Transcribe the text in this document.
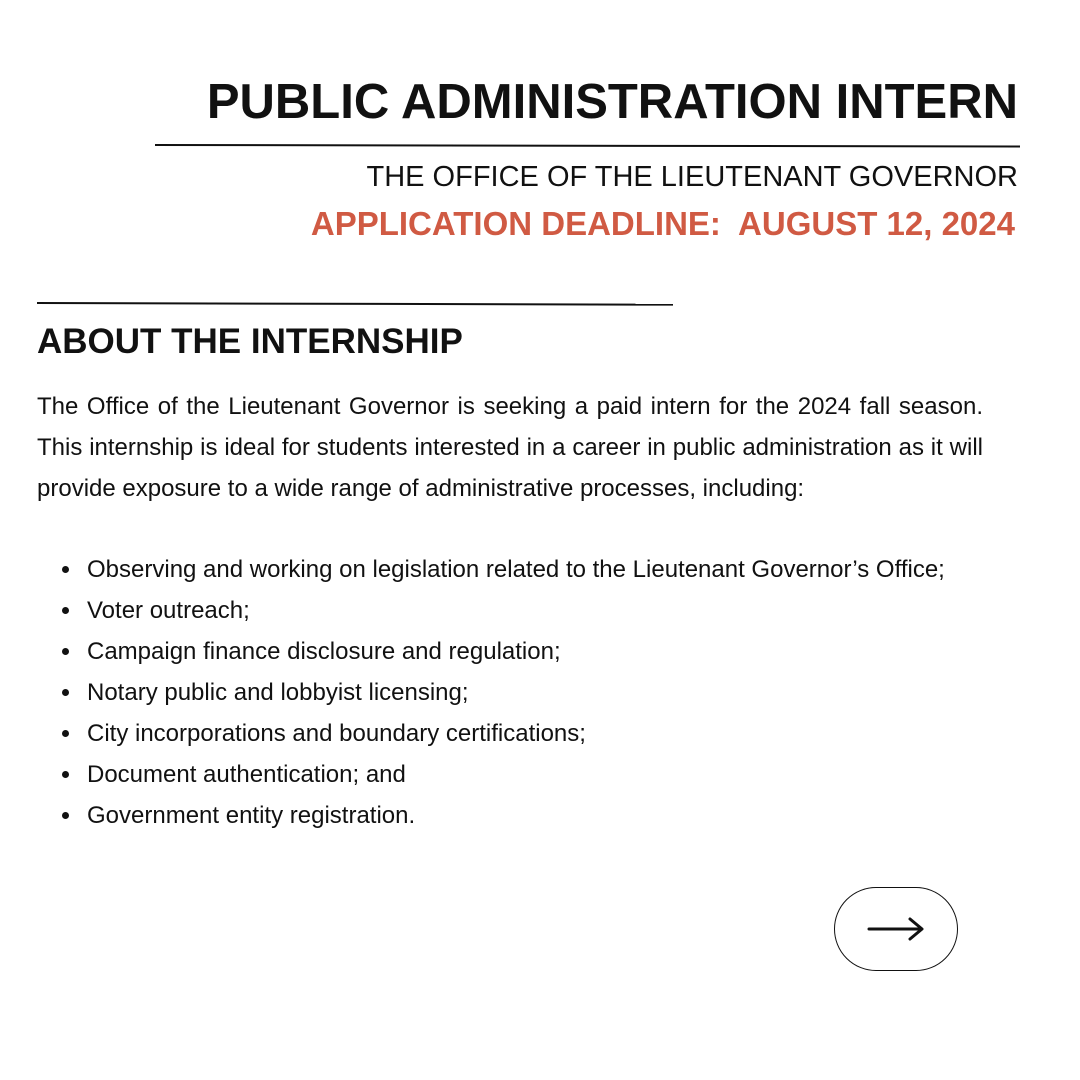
PUBLIC ADMINISTRATION INTERN
THE OFFICE OF THE LIEUTENANT GOVERNOR
APPLICATION DEADLINE:  AUGUST 12, 2024
ABOUT THE INTERNSHIP

The Office of the Lieutenant Governor is seeking a paid intern for the 2024 fall season. This internship is ideal for students interested in a career in public administration as it will provide exposure to a wide range of administrative processes, including:

Observing and working on legislation related to the Lieutenant Governor’s Office;
Voter outreach;
Campaign finance disclosure and regulation;
Notary public and lobbyist licensing;
City incorporations and boundary certifications;
Document authentication; and
Government entity registration.
